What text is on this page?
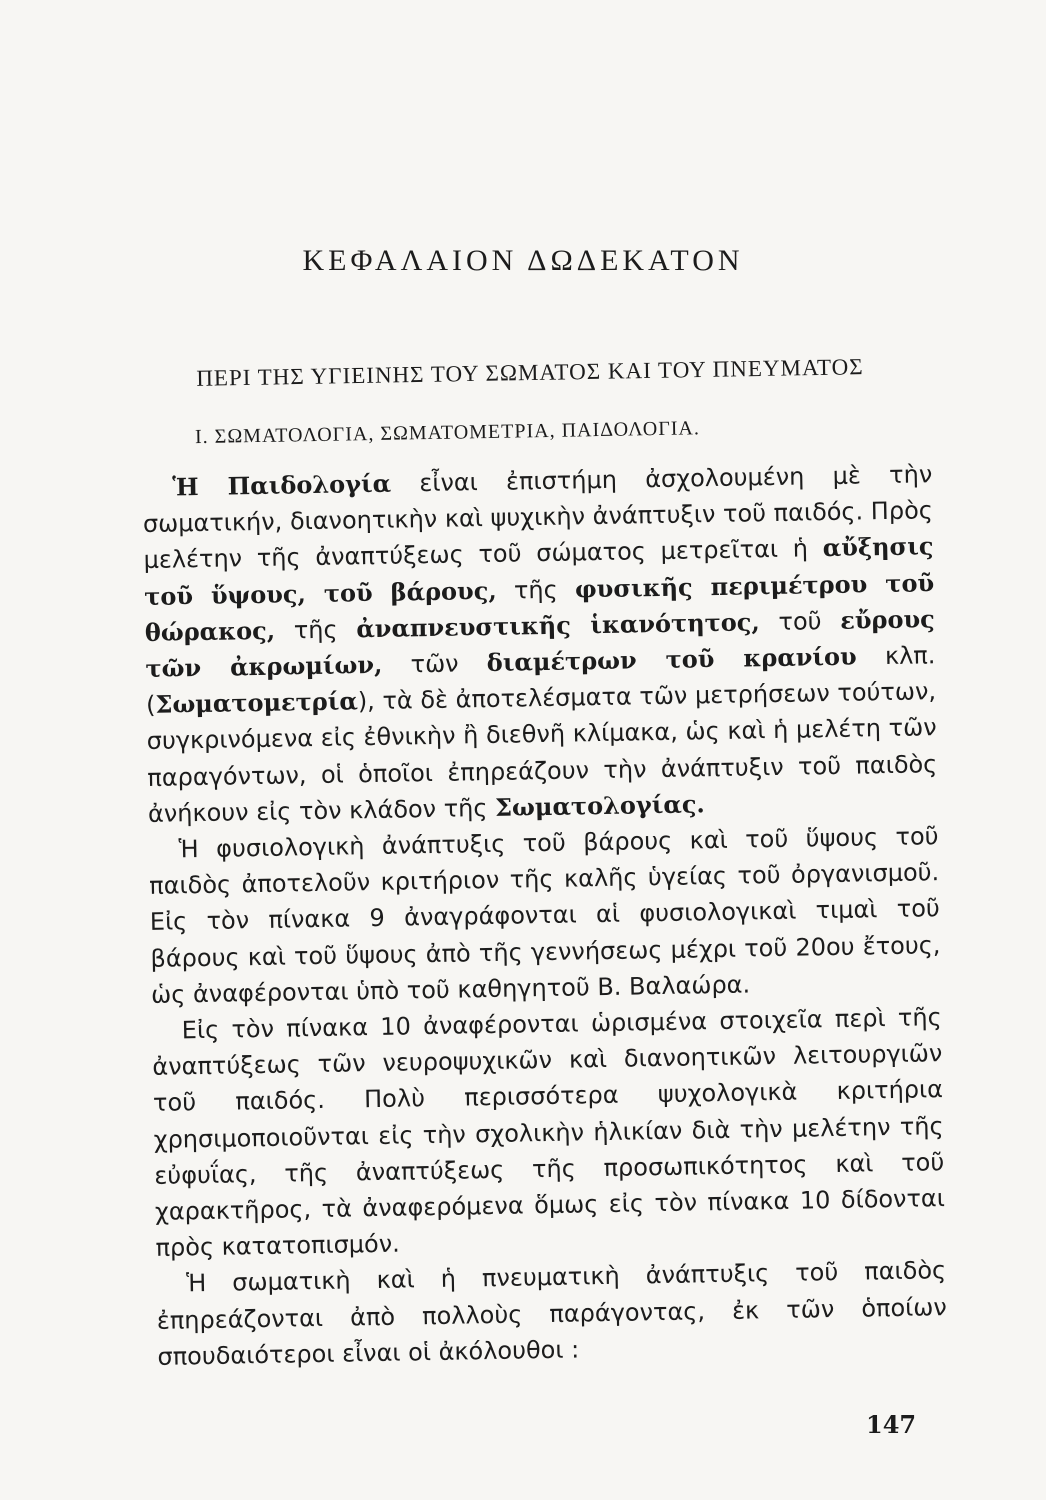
ΚΕΦΑΛΑΙΟΝ ΔΩΔΕΚΑΤΟΝ
ΠΕΡΙ ΤΗΣ ΥΓΙΕΙΝΗΣ ΤΟΥ ΣΩΜΑΤΟΣ ΚΑΙ ΤΟΥ ΠΝΕΥΜΑΤΟΣ
Ι. ΣΩΜΑΤΟΛΟΓΙΑ, ΣΩΜΑΤΟΜΕΤΡΙΑ, ΠΑΙΔΟΛΟΓΙΑ.

Ἡ Παιδολογία εἶναι ἐπιστήμη ἀσχολουμένη μὲ τὴν σωματικήν, διανοητικὴν καὶ ψυχικὴν ἀνάπτυξιν τοῦ παιδός. Πρὸς μελέτην τῆς ἀναπτύξεως τοῦ σώματος μετρεῖται ἡ αὔξησις τοῦ ὕψους, τοῦ βάρους, τῆς φυσικῆς περιμέτρου τοῦ θώρακος, τῆς ἀναπνευστικῆς ἱκανότητος, τοῦ εὔρους τῶν ἀκρωμίων, τῶν διαμέτρων τοῦ κρανίου κλπ. (Σωματομετρία), τὰ δὲ ἀποτελέσματα τῶν μετρήσεων τούτων, συγκρινόμενα εἰς ἐθνικὴν ἢ διεθνῆ κλίμακα, ὡς καὶ ἡ μελέτη τῶν παραγόντων, οἱ ὁποῖοι ἐπηρεάζουν τὴν ἀνάπτυξιν τοῦ παιδὸς ἀνήκουν εἰς τὸν κλάδον τῆς Σωματολογίας.

Ἡ φυσιολογικὴ ἀνάπτυξις τοῦ βάρους καὶ τοῦ ὕψους τοῦ παιδὸς ἀποτελοῦν κριτήριον τῆς καλῆς ὑγείας τοῦ ὀργανισμοῦ. Εἰς τὸν πίνακα 9 ἀναγράφονται αἱ φυσιολογικαὶ τιμαὶ τοῦ βάρους καὶ τοῦ ὕψους ἀπὸ τῆς γεννήσεως μέχρι τοῦ 20ου ἔτους, ὡς ἀναφέρονται ὑπὸ τοῦ καθηγητοῦ Β. Βαλαώρα.

Εἰς τὸν πίνακα 10 ἀναφέρονται ὡρισμένα στοιχεῖα περὶ τῆς ἀναπτύξεως τῶν νευροψυχικῶν καὶ διανοητικῶν λειτουργιῶν τοῦ παιδός. Πολὺ περισσότερα ψυχολογικὰ κριτήρια χρησιμοποιοῦνται εἰς τὴν σχολικὴν ἡλικίαν διὰ τὴν μελέτην τῆς εὐφυΐας, τῆς ἀναπτύξεως τῆς προσωπικότητος καὶ τοῦ χαρακτῆρος, τὰ ἀναφερόμενα ὅμως εἰς τὸν πίνακα 10 δίδονται πρὸς κατατοπισμόν.

Ἡ σωματικὴ καὶ ἡ πνευματικὴ ἀνάπτυξις τοῦ παιδὸς ἐπηρεάζονται ἀπὸ πολλοὺς παράγοντας, ἐκ τῶν ὁποίων σπουδαιότεροι εἶναι οἱ ἀκόλουθοι :

147
